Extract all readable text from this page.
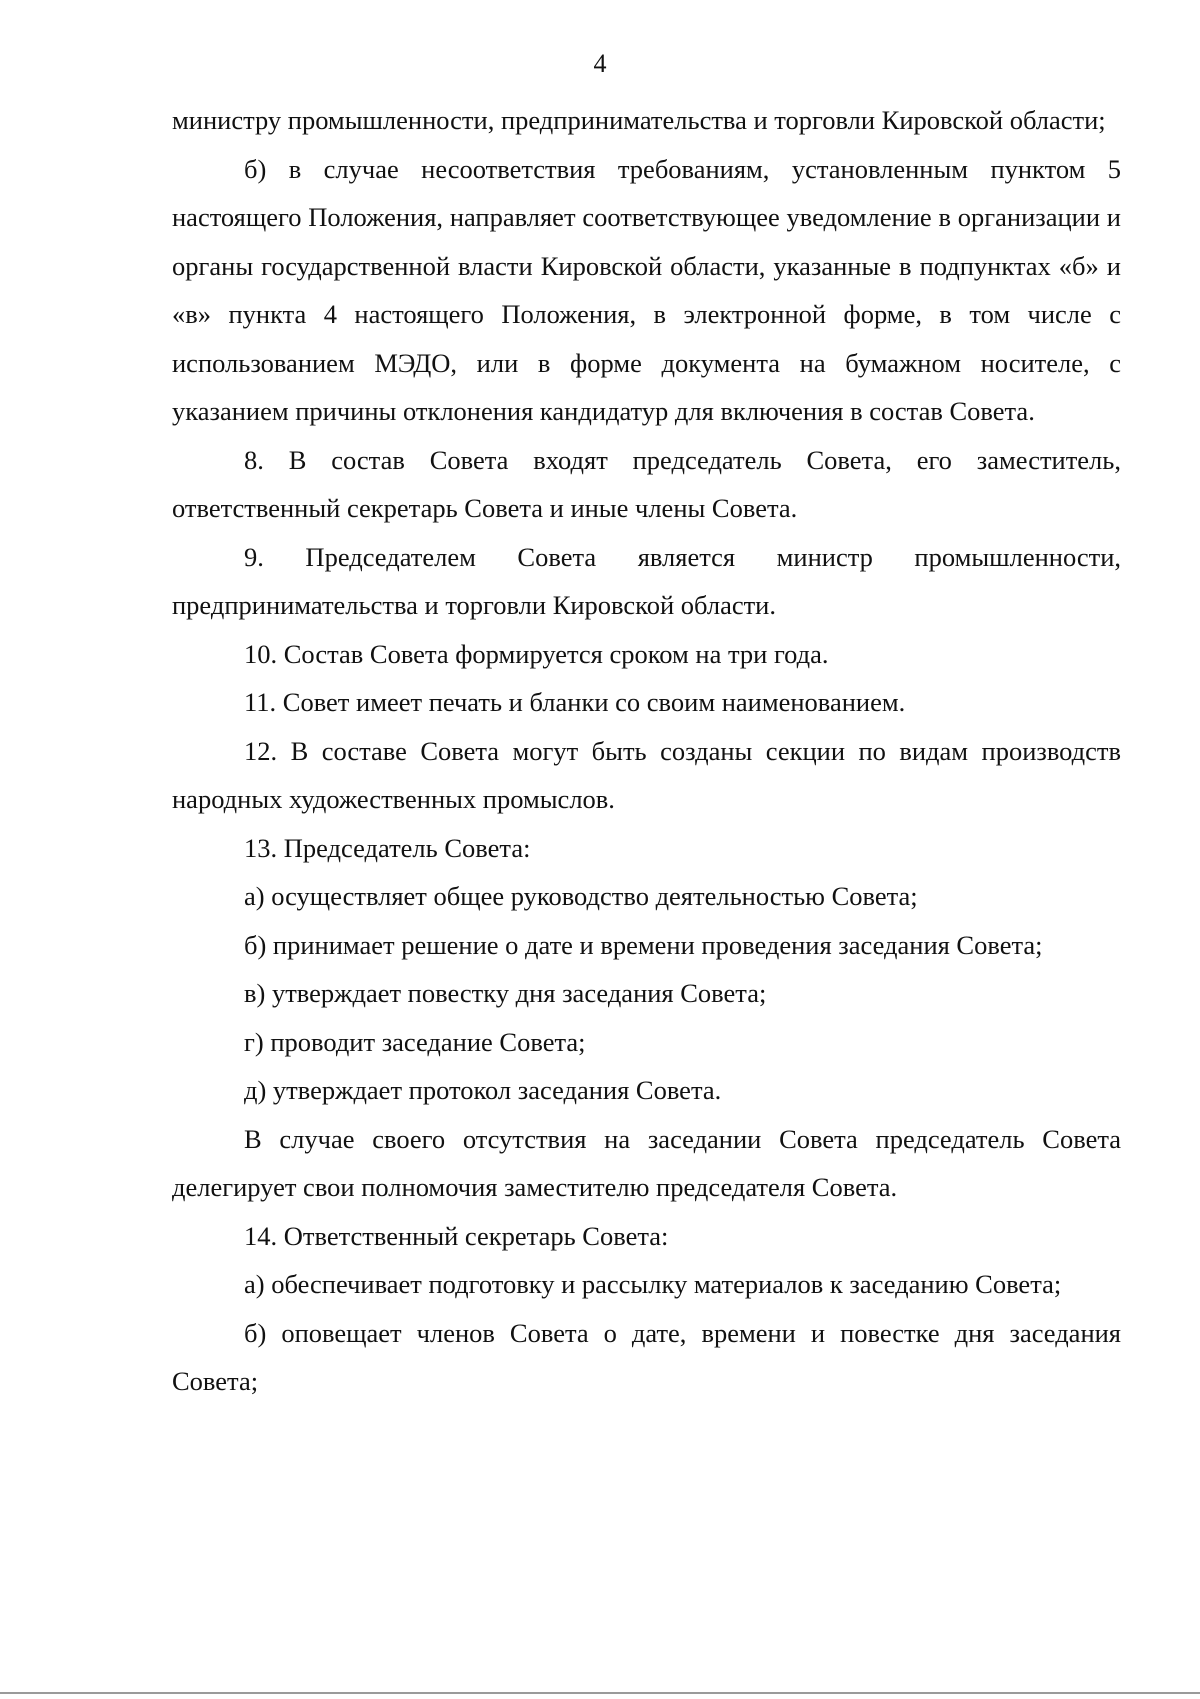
4

министру промышленности, предпринимательства и торговли Кировской области;

б) в случае несоответствия требованиям, установленным пунктом 5 настоящего Положения, направляет соответствующее уведомление в организации и органы государственной власти Кировской области, указанные в подпунктах «б» и «в» пункта 4 настоящего Положения, в электронной форме, в том числе с использованием МЭДО, или в форме документа на бумажном носителе, с указанием причины отклонения кандидатур для включения в состав Совета.

8. В состав Совета входят председатель Совета, его заместитель, ответственный секретарь Совета и иные члены Совета.

9. Председателем Совета является министр промышленности, предпринимательства и торговли Кировской области.

10. Состав Совета формируется сроком на три года.

11. Совет имеет печать и бланки со своим наименованием.

12. В составе Совета могут быть созданы секции по видам производств народных художественных промыслов.

13. Председатель Совета:

а) осуществляет общее руководство деятельностью Совета;

б) принимает решение о дате и времени проведения заседания Совета;

в) утверждает повестку дня заседания Совета;

г) проводит заседание Совета;

д) утверждает протокол заседания Совета.

В случае своего отсутствия на заседании Совета председатель Совета делегирует свои полномочия заместителю председателя Совета.

14. Ответственный секретарь Совета:

а) обеспечивает подготовку и рассылку материалов к заседанию Совета;

б) оповещает членов Совета о дате, времени и повестке дня заседания Совета;
